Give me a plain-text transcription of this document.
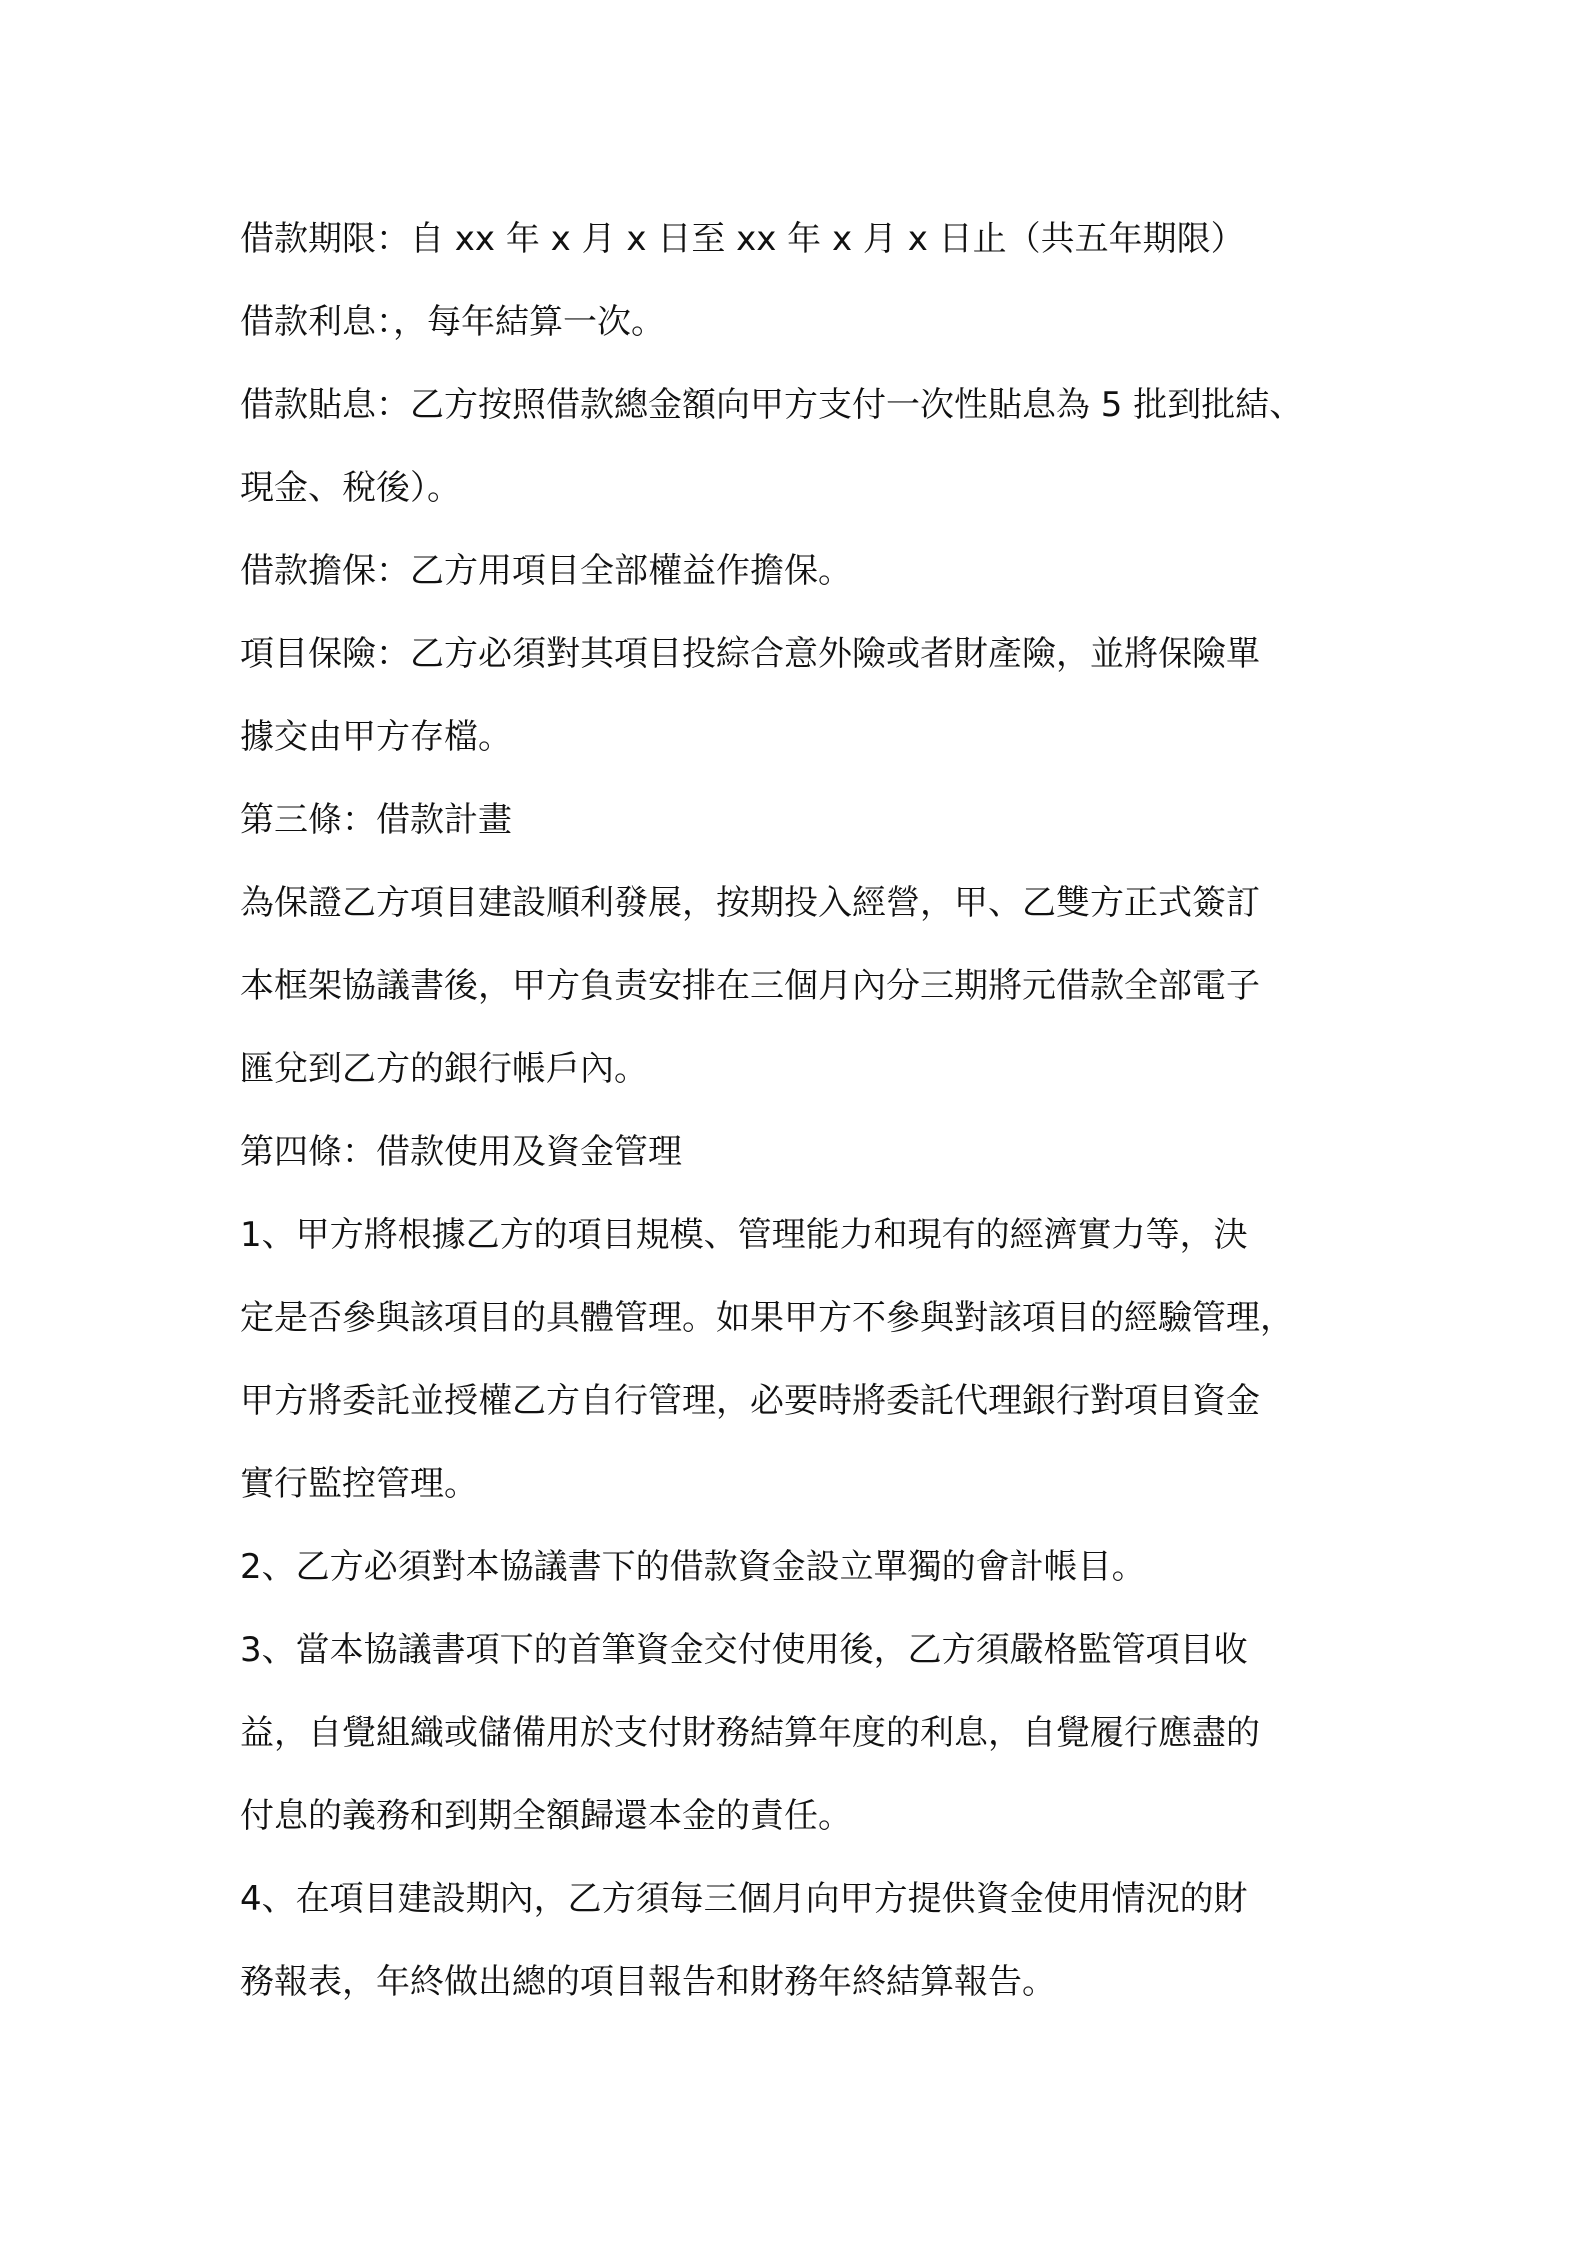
借款期限：自 xx 年 x 月 x 日至 xx 年 x 月 x 日止（共五年期限）
借款利息：，每年結算一次。
借款貼息：乙方按照借款總金額向甲方支付一次性貼息為 5 批到批結、
現金、稅後）。
借款擔保：乙方用項目全部權益作擔保。
項目保險：乙方必須對其項目投綜合意外險或者財產險，並將保險單
據交由甲方存檔。
第三條：借款計畫
為保證乙方項目建設順利發展，按期投入經營，甲、乙雙方正式簽訂
本框架協議書後，甲方負责安排在三個月內分三期將元借款全部電子
匯兌到乙方的銀行帳戶內。
第四條：借款使用及資金管理
1、甲方將根據乙方的項目規模、管理能力和現有的經濟實力等，決
定是否參與該項目的具體管理。如果甲方不參與對該項目的經驗管理，
甲方將委託並授權乙方自行管理，必要時將委託代理銀行對項目資金
實行監控管理。
2、乙方必須對本協議書下的借款資金設立單獨的會計帳目。
3、當本協議書項下的首筆資金交付使用後，乙方須嚴格監管項目收
益，自覺組織或儲備用於支付財務結算年度的利息，自覺履行應盡的
付息的義務和到期全額歸還本金的責任。
4、在項目建設期內，乙方須每三個月向甲方提供資金使用情況的財
務報表，年終做出總的項目報告和財務年終結算報告。
